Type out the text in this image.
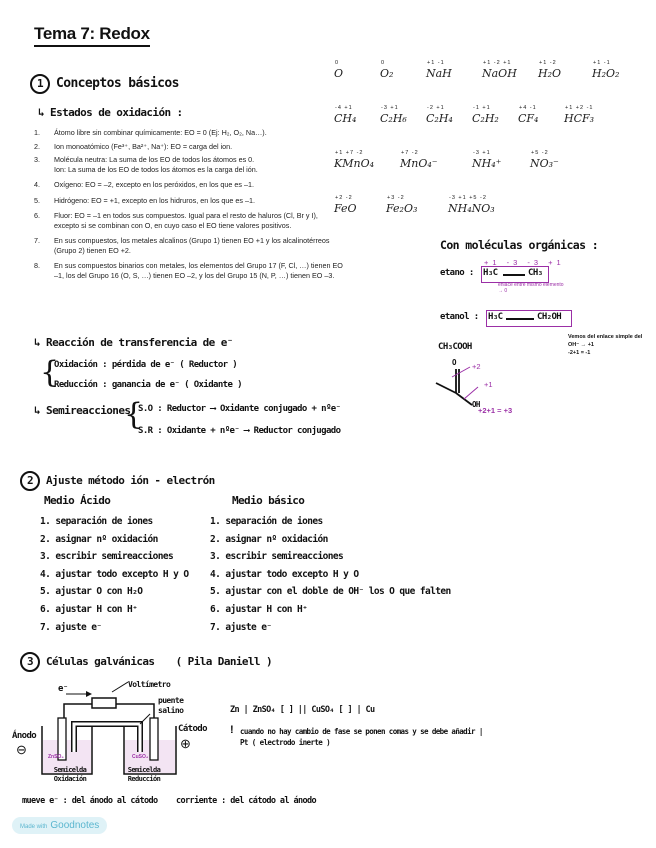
Tema 7: Redox
1 Conceptos básicos
↳ Estados de oxidación :
1. Átomo libre sin combinar químicamente: EO = 0 (Ej: H₂, O₂, Na…).
2. Ion monoatómico (Fe³⁺, Ba²⁺, Na⁺): EO = carga del ion.
3. Molécula neutra: La suma de los EO de todos los átomos es 0.
Ion: La suma de los EO de todos los átomos es la carga del ión.
4. Oxígeno: EO = –2, excepto en los peróxidos, en los que es –1.
5. Hidrógeno: EO = +1, excepto en los hidruros, en los que es –1.
6. Fluor: EO = –1 en todos sus compuestos. Igual para el resto de haluros (Cl, Br y I),
excepto si se combinan con O, en cuyo caso el EO tiene valores positivos.
7. En sus compuestos, los metales alcalinos (Grupo 1) tienen EO +1 y los alcalinotérreos
(Grupo 2) tienen EO +2.
8. En sus compuestos binarios con metales, los elementos del Grupo 17 (F, Cl, …) tienen EO
–1, los del Grupo 16 (O, S, …) tienen EO –2, y los del Grupo 15 (N, P, …) tienen EO –3.
0
O
0
O₂
+1 -1
NaH
+1 -2 +1
NaOH
+1 -2
H₂O
+1 -1
H₂O₂
-4 +1
CH₄
-3 +1
C₂H₆
-2 +1
C₂H₄
-1 +1
C₂H₂
+4 -1
CF₄
+1 +2 -1
HCF₃
+1 +7 -2
KMnO₄
+7 -2
MnO₄⁻
-3 +1
NH₄⁺
+5 -2
NO₃⁻
+2 -2
FeO
+3 -2
Fe₂O₃
-3 +1 +5 -2
NH₄NO₃
Con moléculas orgánicas :
etano :
+1 -3 -3 +1
H₃C	CH₃
enlace entre mismo elemento → 0
etanol : H₃C	CH₂OH
Vemos del enlace simple del OH⁻ → +1
-2+1 = -1
CH₃COOH
O
OH
+2
+1
+2+1 = +3
↳ Reacción de transferencia de e⁻
{
Oxidación : pérdida de e⁻ ( Reductor )
Reducción : ganancia de e⁻ ( Oxidante )
↳ Semireacciones
{
S.O : Reductor ⟶ Oxidante conjugado + nºe⁻
S.R : Oxidante + nºe⁻ ⟶ Reductor conjugado
2 Ajuste método ión - electrón
Medio Ácido
1. separación de iones
2. asignar nº oxidación
3. escribir semireacciones
4. ajustar todo excepto H y O
5. ajustar O con H₂O
6. ajustar H con H⁺
7. ajuste e⁻
Medio básico
1. separación de iones
2. asignar nº oxidación
3. escribir semireacciones
4. ajustar todo excepto H y O
5. ajustar con el doble de OH⁻ los O que falten
6. ajustar H con H⁺
7. ajuste e⁻
3 Células galvánicas ( Pila Daniell )
e⁻	Voltímetro
puente salino
Ánodo
⊖
Cátodo
⊕
ZnSO₄	CuSO₄
Semicelda Oxidación
Semicelda Reducción
Zn | ZnSO₄ [ ] || CuSO₄ [ ] | Cu
! cuando no hay cambio de fase se ponen comas y se debe añadir | Pt ( electrodo inerte )
mueve e⁻ : del ánodo al cátodo corriente : del cátodo al ánodo
Made with Goodnotes
